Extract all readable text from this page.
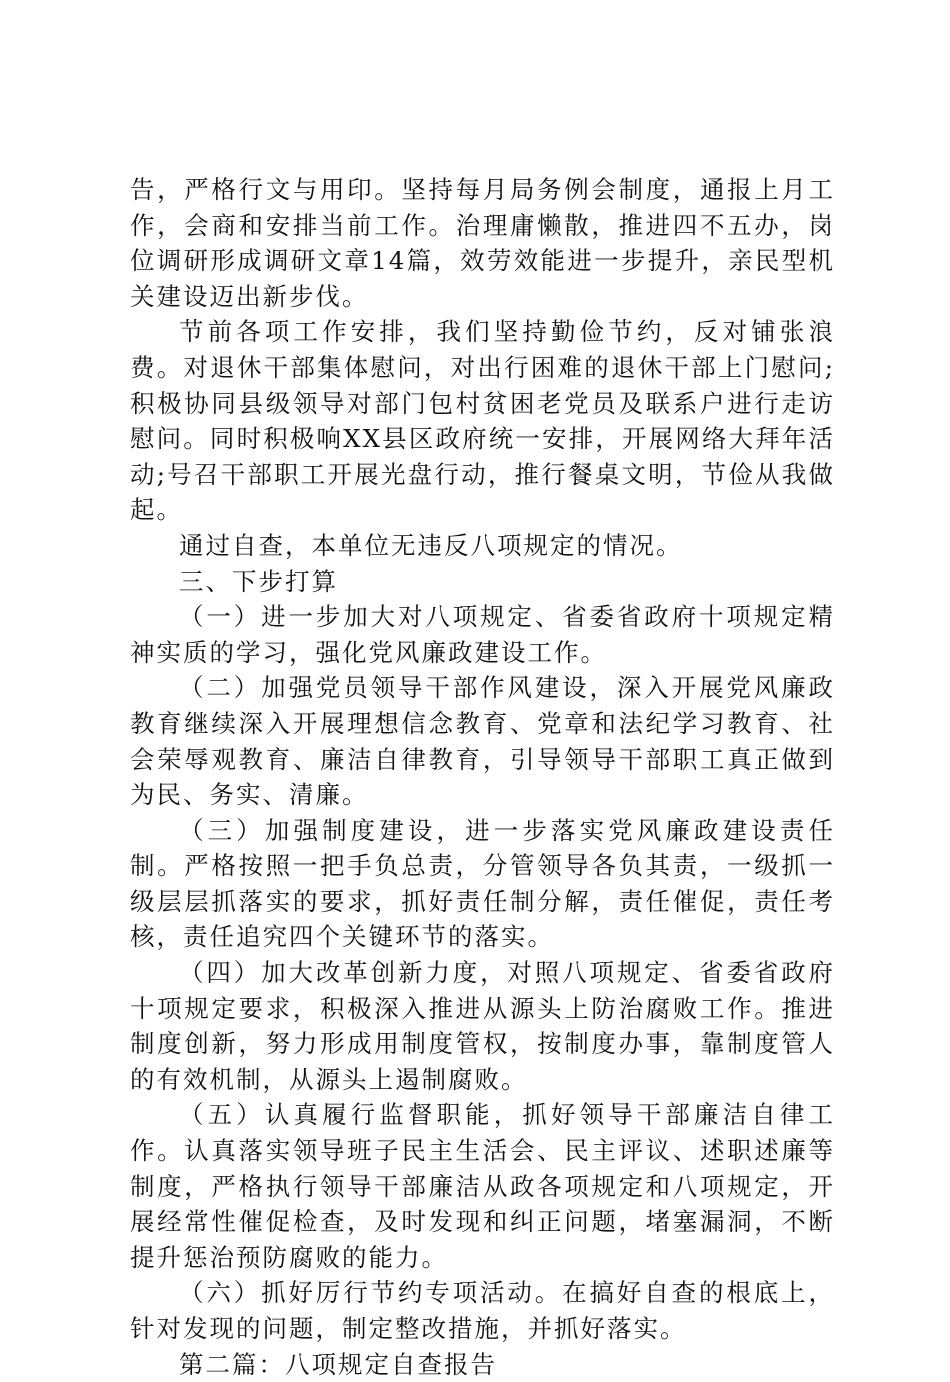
告，严格行文与用印。坚持每月局务例会制度，通报上月工作，会商和安排当前工作。治理庸懒散，推进四不五办，岗位调研形成调研文章14篇，效劳效能进一步提升，亲民型机关建设迈出新步伐。

节前各项工作安排，我们坚持勤俭节约，反对铺张浪费。对退休干部集体慰问，对出行困难的退休干部上门慰问;积极协同县级领导对部门包村贫困老党员及联系户进行走访慰问。同时积极响XX县区政府统一安排，开展网络大拜年活动;号召干部职工开展光盘行动，推行餐桌文明，节俭从我做起。

通过自查，本单位无违反八项规定的情况。

三、下步打算

（一）进一步加大对八项规定、省委省政府十项规定精神实质的学习，强化党风廉政建设工作。

（二）加强党员领导干部作风建设，深入开展党风廉政教育继续深入开展理想信念教育、党章和法纪学习教育、社会荣辱观教育、廉洁自律教育，引导领导干部职工真正做到为民、务实、清廉。

（三）加强制度建设，进一步落实党风廉政建设责任制。严格按照一把手负总责，分管领导各负其责，一级抓一级层层抓落实的要求，抓好责任制分解，责任催促，责任考核，责任追究四个关键环节的落实。

（四）加大改革创新力度，对照八项规定、省委省政府十项规定要求，积极深入推进从源头上防治腐败工作。推进制度创新，努力形成用制度管权，按制度办事，靠制度管人的有效机制，从源头上遏制腐败。

（五）认真履行监督职能，抓好领导干部廉洁自律工作。认真落实领导班子民主生活会、民主评议、述职述廉等制度，严格执行领导干部廉洁从政各项规定和八项规定，开展经常性催促检查，及时发现和纠正问题，堵塞漏洞，不断提升惩治预防腐败的能力。

（六）抓好厉行节约专项活动。在搞好自查的根底上，针对发现的问题，制定整改措施，并抓好落实。

第二篇：八项规定自查报告
